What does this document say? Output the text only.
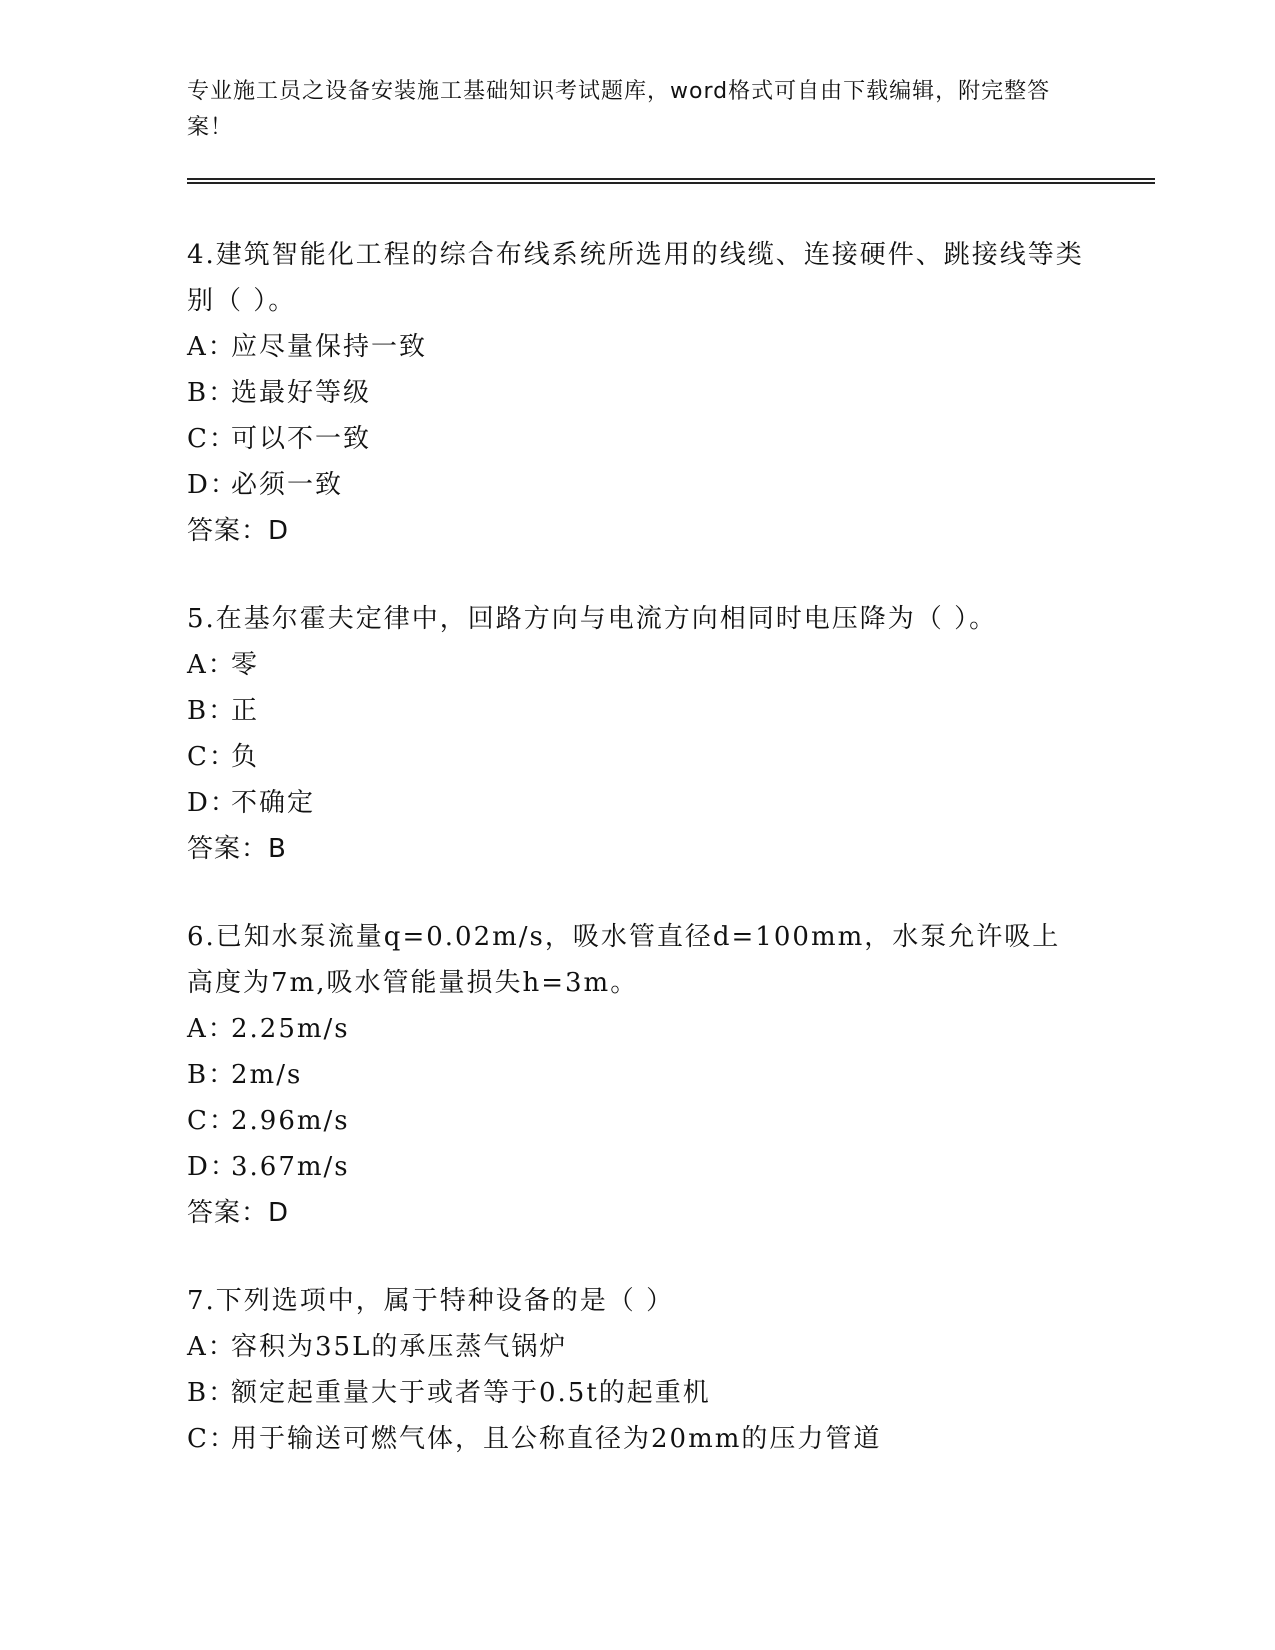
专业施工员之设备安装施工基础知识考试题库，word格式可自由下载编辑，附完整答案！

4.建筑智能化工程的综合布线系统所选用的线缆、连接硬件、跳接线等类别（ ）。

A：应尽量保持一致

B：选最好等级

C：可以不一致

D：必须一致

答案：D

5.在基尔霍夫定律中，回路方向与电流方向相同时电压降为（ ）。

A：零

B：正

C：负

D：不确定

答案：B

6.已知水泵流量q=0.02m/s，吸水管直径d=100mm，水泵允许吸上高度为7m,吸水管能量损失h=3m。

A：2.25m/s

B：2m/s

C：2.96m/s

D：3.67m/s

答案：D

7.下列选项中，属于特种设备的是（ ）

A：容积为35L的承压蒸气锅炉

B：额定起重量大于或者等于0.5t的起重机

C：用于输送可燃气体，且公称直径为20mm的压力管道
